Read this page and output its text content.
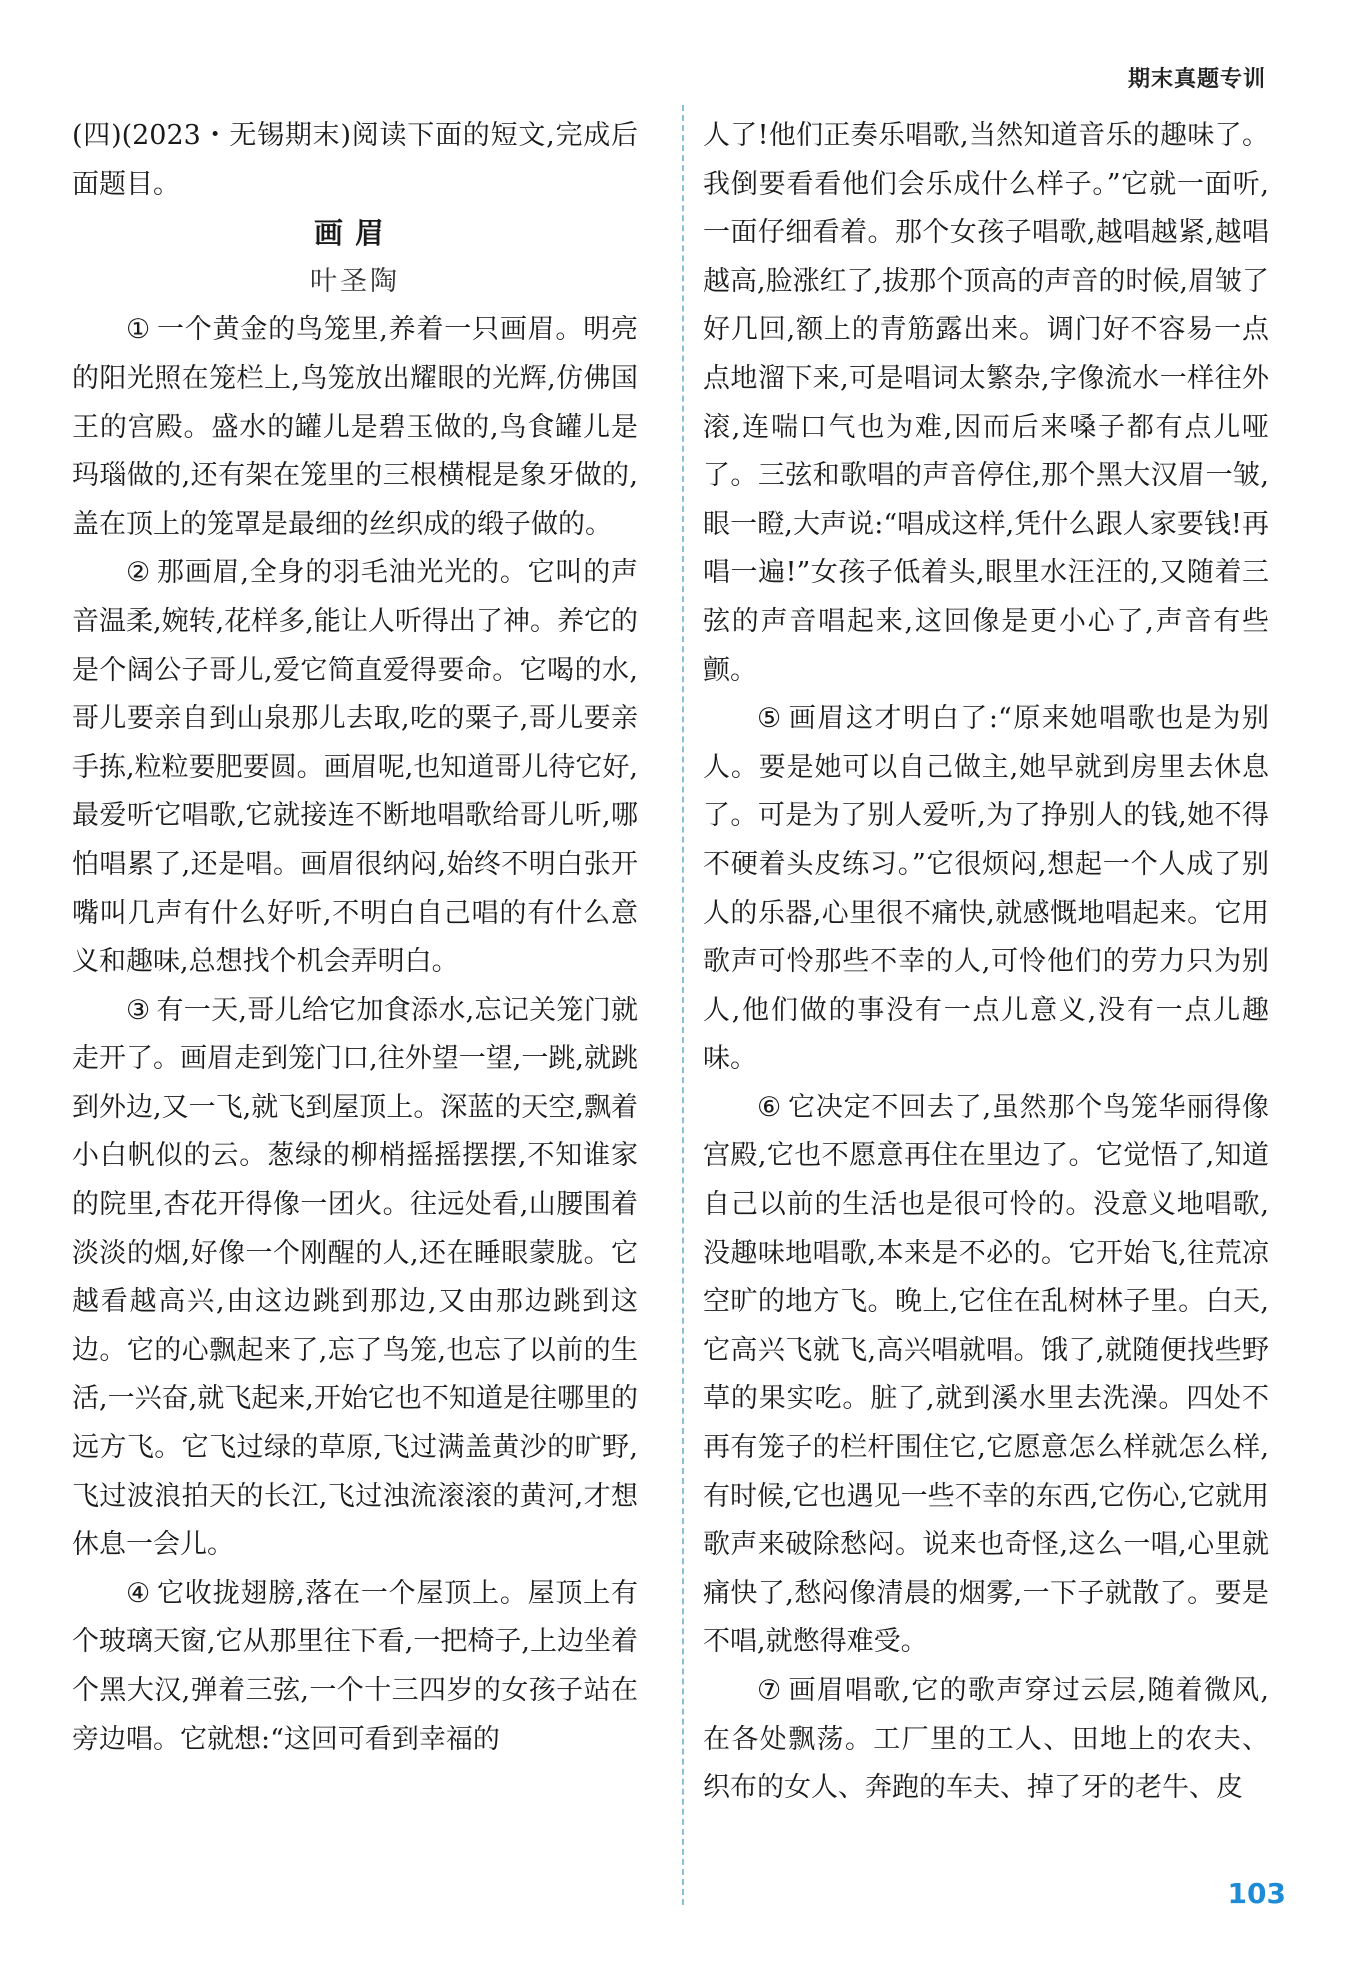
期末真题专训

(四)(2023・无锡期末)阅读下面的短文,完成后面题目。

画眉

叶圣陶

① 一个黄金的鸟笼里,养着一只画眉。明亮的阳光照在笼栏上,鸟笼放出耀眼的光辉,仿佛国王的宫殿。盛水的罐儿是碧玉做的,鸟食罐儿是玛瑙做的,还有架在笼里的三根横棍是象牙做的,盖在顶上的笼罩是最细的丝织成的缎子做的。

② 那画眉,全身的羽毛油光光的。它叫的声音温柔,婉转,花样多,能让人听得出了神。养它的是个阔公子哥儿,爱它简直爱得要命。它喝的水,哥儿要亲自到山泉那儿去取,吃的粟子,哥儿要亲手拣,粒粒要肥要圆。画眉呢,也知道哥儿待它好,最爱听它唱歌,它就接连不断地唱歌给哥儿听,哪怕唱累了,还是唱。画眉很纳闷,始终不明白张开嘴叫几声有什么好听,不明白自己唱的有什么意义和趣味,总想找个机会弄明白。

③ 有一天,哥儿给它加食添水,忘记关笼门就走开了。画眉走到笼门口,往外望一望,一跳,就跳到外边,又一飞,就飞到屋顶上。深蓝的天空,飘着小白帆似的云。葱绿的柳梢摇摇摆摆,不知谁家的院里,杏花开得像一团火。往远处看,山腰围着淡淡的烟,好像一个刚醒的人,还在睡眼蒙胧。它越看越高兴,由这边跳到那边,又由那边跳到这边。它的心飘起来了,忘了鸟笼,也忘了以前的生活,一兴奋,就飞起来,开始它也不知道是往哪里的远方飞。它飞过绿的草原,飞过满盖黄沙的旷野,飞过波浪拍天的长江,飞过浊流滚滚的黄河,才想休息一会儿。

④ 它收拢翅膀,落在一个屋顶上。屋顶上有个玻璃天窗,它从那里往下看,一把椅子,上边坐着个黑大汉,弹着三弦,一个十三四岁的女孩子站在旁边唱。它就想:“这回可看到幸福的

人了!他们正奏乐唱歌,当然知道音乐的趣味了。我倒要看看他们会乐成什么样子。”它就一面听,一面仔细看着。那个女孩子唱歌,越唱越紧,越唱越高,脸涨红了,拔那个顶高的声音的时候,眉皱了好几回,额上的青筋露出来。调门好不容易一点点地溜下来,可是唱词太繁杂,字像流水一样往外滚,连喘口气也为难,因而后来嗓子都有点儿哑了。三弦和歌唱的声音停住,那个黑大汉眉一皱,眼一瞪,大声说:“唱成这样,凭什么跟人家要钱!再唱一遍!”女孩子低着头,眼里水汪汪的,又随着三弦的声音唱起来,这回像是更小心了,声音有些颤。

⑤ 画眉这才明白了:“原来她唱歌也是为别人。要是她可以自己做主,她早就到房里去休息了。可是为了别人爱听,为了挣别人的钱,她不得不硬着头皮练习。”它很烦闷,想起一个人成了别人的乐器,心里很不痛快,就感慨地唱起来。它用歌声可怜那些不幸的人,可怜他们的劳力只为别人,他们做的事没有一点儿意义,没有一点儿趣味。

⑥ 它决定不回去了,虽然那个鸟笼华丽得像宫殿,它也不愿意再住在里边了。它觉悟了,知道自己以前的生活也是很可怜的。没意义地唱歌,没趣味地唱歌,本来是不必的。它开始飞,往荒凉空旷的地方飞。晚上,它住在乱树林子里。白天,它高兴飞就飞,高兴唱就唱。饿了,就随便找些野草的果实吃。脏了,就到溪水里去洗澡。四处不再有笼子的栏杆围住它,它愿意怎么样就怎么样,有时候,它也遇见一些不幸的东西,它伤心,它就用歌声来破除愁闷。说来也奇怪,这么一唱,心里就痛快了,愁闷像清晨的烟雾,一下子就散了。要是不唱,就憋得难受。

⑦ 画眉唱歌,它的歌声穿过云层,随着微风,在各处飘荡。工厂里的工人、田地上的农夫、织布的女人、奔跑的车夫、掉了牙的老牛、皮

103
